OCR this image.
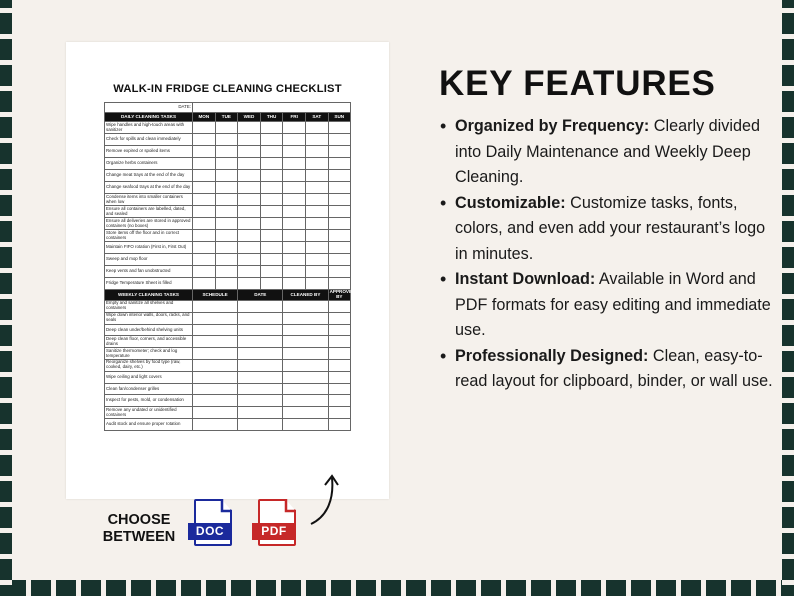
WALK-IN FRIDGE CLEANING CHECKLIST
DATE:							
DAILY CLEANING TASKS	MON	TUE	WED	THU	FRI	SAT	SUN
Wipe handles and high-touch areas with sanitizer							
Check for spills and clean immediately							
Remove expired or spoiled items							
Organize herbs containers							
Change meat trays at the end of the day							
Change seafood trays at the end of the day							
Condense items into smaller containers when low							
Ensure all containers are labelled, dated, and sealed							
Ensure all deliveries are stored in approved containers (no boxes)							
Store items off the floor and in correct containers							
Maintain FIFO rotation (First in, First Out)							
Sweep and mop floor							
Keep vents and fan unobstructed							
Fridge Temperature Sheet is filled							
WEEKLY CLEANING TASKS	SCHEDULE		DATE		CLEANED BY		APPROVED BY
Empty and sanitize all shelves and containers							
Wipe down interior walls, doors, racks, and seals							
Deep clean under/behind shelving units							
Deep clean floor, corners, and accessible drains							
Sanitize thermometer; check and log temperature							
Reorganize shelves by food type (raw, cooked, dairy, etc.)							
Wipe ceiling and light covers							
Clean fan/condenser grilles							
Inspect for pests, mold, or condensation							
Remove any undated or unidentified containers							
Audit stock and ensure proper rotation							
CHOOSE
BETWEEN	DOC	PDF
KEY FEATURES
• Organized by Frequency: Clearly divided into Daily Maintenance and Weekly Deep Cleaning.
• Customizable: Customize tasks, fonts, colors, and even add your restaurant’s logo in minutes.
• Instant Download: Available in Word and PDF formats for easy editing and immediate use.
• Professionally Designed: Clean, easy-to-read layout for clipboard, binder, or wall use.
